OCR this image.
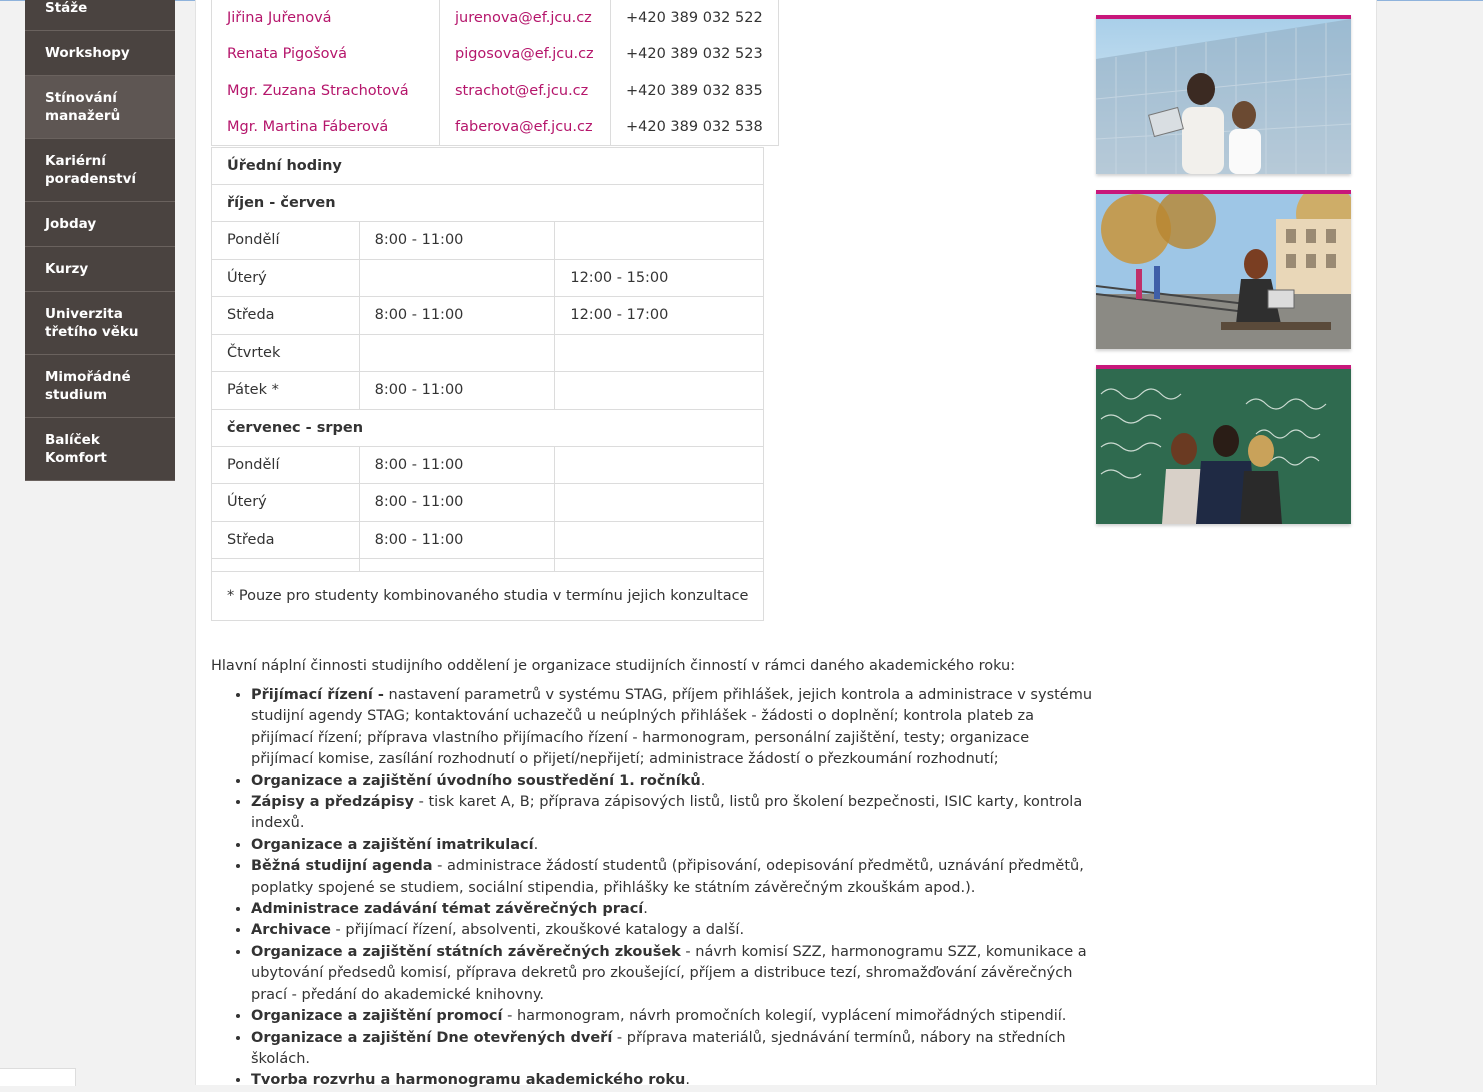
Stáže
Workshopy
Stínování manažerů
Kariérní poradenství
Jobday
Kurzy
Univerzita třetího věku
Mimořádné studium
Balíček Komfort
Jiřina Juřenová	jurenova@ef.jcu.cz	+420 389 032 522
Renata Pigošová	pigosova@ef.jcu.cz	+420 389 032 523
Mgr. Zuzana Strachotová	strachot@ef.jcu.cz	+420 389 032 835
Mgr. Martina Fáberová	faberova@ef.jcu.cz	+420 389 032 538
Úřední hodiny		
říjen - červen		
Pondělí	8:00 - 11:00	
Úterý		12:00 - 15:00
Středa	8:00 - 11:00	12:00 - 17:00
Čtvrtek		
Pátek *	8:00 - 11:00	
červenec - srpen		
Pondělí	8:00 - 11:00	
Úterý	8:00 - 11:00	
Středa	8:00 - 11:00	

* Pouze pro studenty kombinovaného studia v termínu jejich konzultace		

Hlavní náplní činnosti studijního oddělení je organizace studijních činností v rámci daného akademického roku:

• Přijímací řízení - nastavení parametrů v systému STAG, příjem přihlášek, jejich kontrola a administrace v systému studijní agendy STAG; kontaktování uchazečů u neúplných přihlášek - žádosti o doplnění; kontrola plateb za přijímací řízení; příprava vlastního přijímacího řízení - harmonogram, personální zajištění, testy; organizace přijímací komise, zasílání rozhodnutí o přijetí/nepřijetí; administrace žádostí o přezkoumání rozhodnutí;
• Organizace a zajištění úvodního soustředění 1. ročníků.
• Zápisy a předzápisy - tisk karet A, B; příprava zápisových listů, listů pro školení bezpečnosti, ISIC karty, kontrola indexů.
• Organizace a zajištění imatrikulací.
• Běžná studijní agenda - administrace žádostí studentů (připisování, odepisování předmětů, uznávání předmětů, poplatky spojené se studiem, sociální stipendia, přihlášky ke státním závěrečným zkouškám apod.).
• Administrace zadávání témat závěrečných prací.
• Archivace - přijímací řízení, absolventi, zkouškové katalogy a další.
• Organizace a zajištění státních závěrečných zkoušek - návrh komisí SZZ, harmonogramu SZZ, komunikace a ubytování předsedů komisí, příprava dekretů pro zkoušející, příjem a distribuce tezí, shromažďování závěrečných prací - předání do akademické knihovny.
• Organizace a zajištění promocí - harmonogram, návrh promočních kolegií, vyplácení mimořádných stipendií.
• Organizace a zajištění Dne otevřených dveří - příprava materiálů, sjednávání termínů, nábory na středních školách.
• Tvorba rozvrhu a harmonogramu akademického roku.
